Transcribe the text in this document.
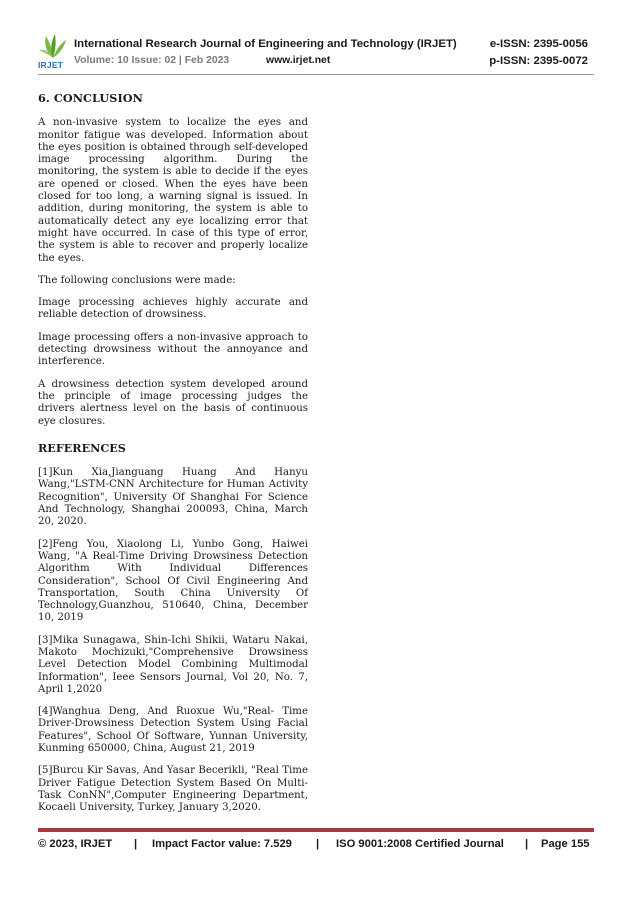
IRJET
International Research Journal of Engineering and Technology (IRJET)	e-ISSN: 2395-0056
Volume: 10 Issue: 02 | Feb 2023	www.irjet.net	p-ISSN: 2395-0072
6. CONCLUSION

A non-invasive system to localize the eyes and monitor fatigue was developed. Information about the eyes position is obtained through self-developed image processing algorithm. During the monitoring, the system is able to decide if the eyes are opened or closed. When the eyes have been closed for too long, a warning signal is issued. In addition, during monitoring, the system is able to automatically detect any eye localizing error that might have occurred. In case of this type of error, the system is able to recover and properly localize the eyes.

The following conclusions were made:

Image processing achieves highly accurate and reliable detection of drowsiness.

Image processing offers a non-invasive approach to detecting drowsiness without the annoyance and interference.

A drowsiness detection system developed around the principle of image processing judges the drivers alertness level on the basis of continuous eye closures.

REFERENCES

[1]Kun Xia,Jianguang Huang And Hanyu Wang,"LSTM-CNN Architecture for Human Activity Recognition", University Of Shanghai For Science And Technology, Shanghai 200093, China, March 20, 2020.

[2]Feng You, Xiaolong Li, Yunbo Gong, Haiwei Wang, "A Real-Time Driving Drowsiness Detection Algorithm With Individual Differences Consideration", School Of Civil Engineering And Transportation, South China University Of Technology,Guanzhou, 510640, China, December 10, 2019

[3]Mika Sunagawa, Shin-Ichi Shikii, Wataru Nakai, Makoto Mochizuki,"Comprehensive Drowsiness Level Detection Model Combining Multimodal Information", Ieee Sensors Journal, Vol 20, No. 7, April 1,2020

[4]Wanghua Deng, And Ruoxue Wu,"Real- Time Driver-Drowsiness Detection System Using Facial Features", School Of Software, Yunnan University, Kunming 650000, China, August 21, 2019

[5]Burcu Kir Savas, And Yasar Becerikli, "Real Time Driver Fatigue Detection System Based On Multi-Task ConNN",Computer Engineering Department, Kocaeli University, Turkey, January 3,2020.

© 2023, IRJET | Impact Factor value: 7.529 | ISO 9001:2008 Certified Journal | Page 155
